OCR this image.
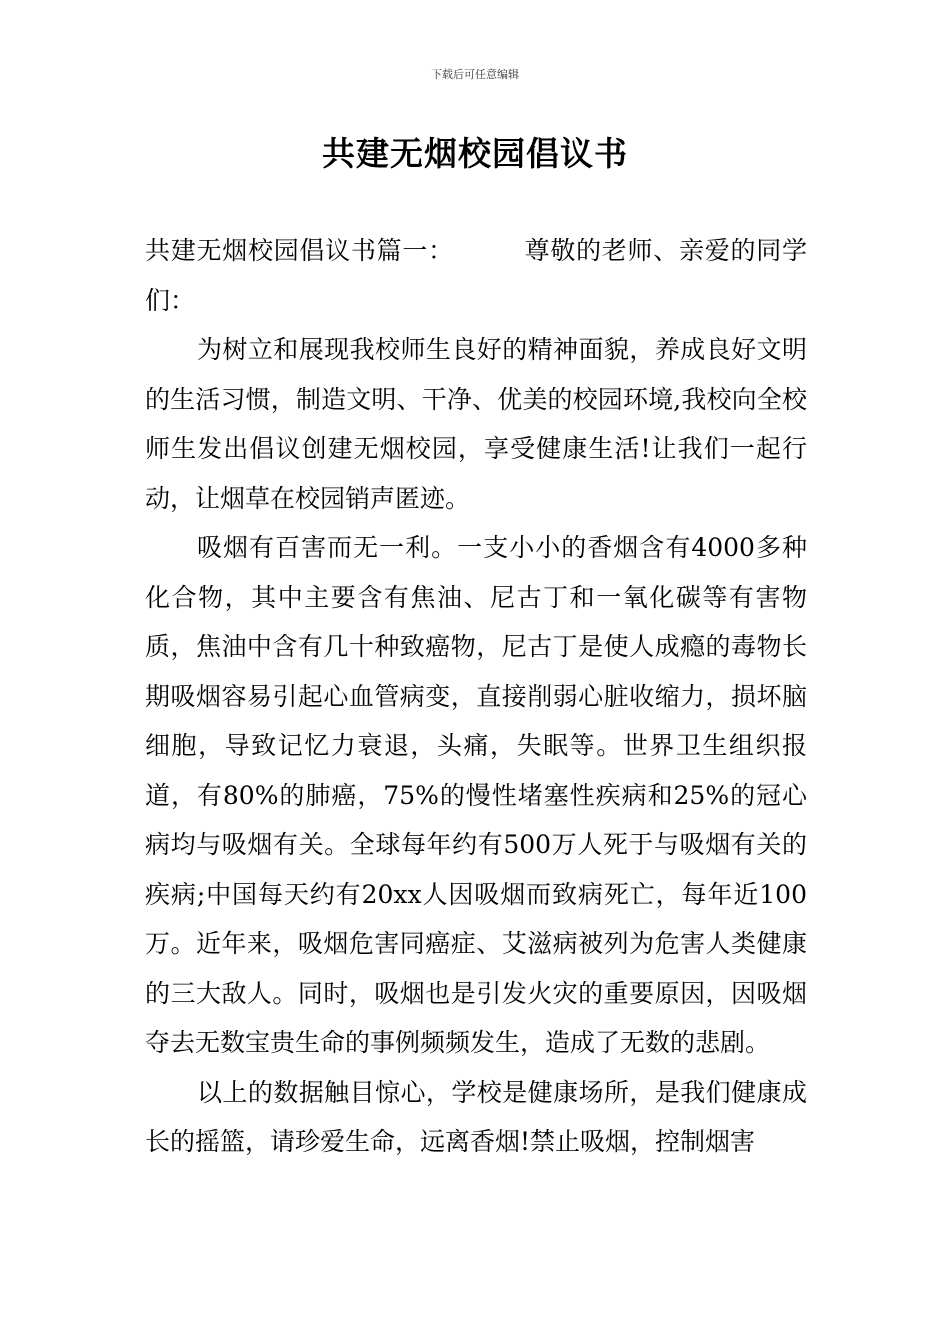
下载后可任意编辑
共建无烟校园倡议书

共建无烟校园倡议书篇一：	尊敬的老师、亲爱的同学们：

为树立和展现我校师生良好的精神面貌，养成良好文明的生活习惯，制造文明、干净、优美的校园环境,我校向全校师生发出倡议创建无烟校园，享受健康生活!让我们一起行动，让烟草在校园销声匿迹。

吸烟有百害而无一利。一支小小的香烟含有4000多种化合物，其中主要含有焦油、尼古丁和一氧化碳等有害物质，焦油中含有几十种致癌物，尼古丁是使人成瘾的毒物长期吸烟容易引起心血管病变，直接削弱心脏收缩力，损坏脑细胞，导致记忆力衰退，头痛，失眠等。世界卫生组织报道，有80%的肺癌，75%的慢性堵塞性疾病和25%的冠心病均与吸烟有关。全球每年约有500万人死于与吸烟有关的疾病;中国每天约有20xx人因吸烟而致病死亡，每年近100万。近年来，吸烟危害同癌症、艾滋病被列为危害人类健康的三大敌人。同时，吸烟也是引发火灾的重要原因，因吸烟夺去无数宝贵生命的事例频频发生，造成了无数的悲剧。

以上的数据触目惊心，学校是健康场所，是我们健康成长的摇篮，请珍爱生命，远离香烟!禁止吸烟，控制烟害
